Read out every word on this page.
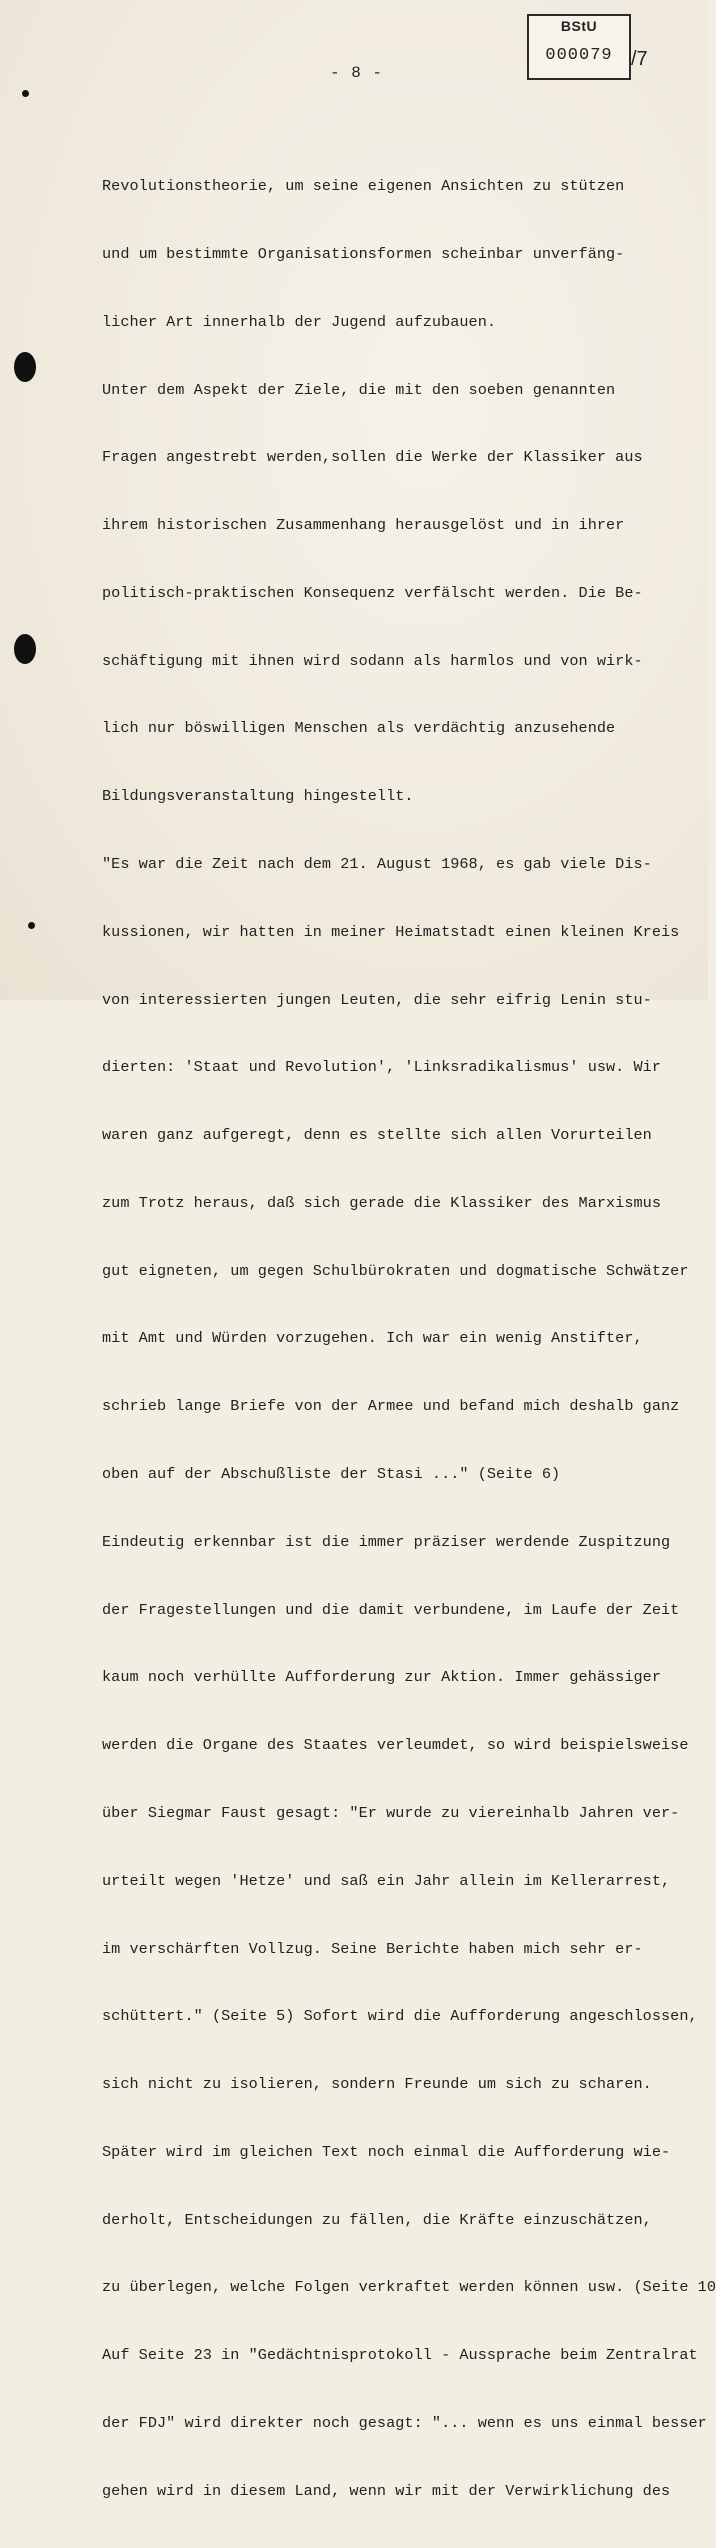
BStU
000079 /7
- 8 -

Revolutionstheorie, um seine eigenen Ansichten zu stützen

und um bestimmte Organisationsformen scheinbar unverfäng-

licher Art innerhalb der Jugend aufzubauen.

Unter dem Aspekt der Ziele, die mit den soeben genannten

Fragen angestrebt werden,sollen die Werke der Klassiker aus

ihrem historischen Zusammenhang herausgelöst und in ihrer

politisch-praktischen Konsequenz verfälscht werden. Die Be-

schäftigung mit ihnen wird sodann als harmlos und von wirk-

lich nur böswilligen Menschen als verdächtig anzusehende

Bildungsveranstaltung hingestellt.

"Es war die Zeit nach dem 21. August 1968, es gab viele Dis-

kussionen, wir hatten in meiner Heimatstadt einen kleinen Kreis

von interessierten jungen Leuten, die sehr eifrig Lenin stu-

dierten: 'Staat und Revolution', 'Linksradikalismus' usw. Wir

waren ganz aufgeregt, denn es stellte sich allen Vorurteilen

zum Trotz heraus, daß sich gerade die Klassiker des Marxismus

gut eigneten, um gegen Schulbürokraten und dogmatische Schwätzer

mit Amt und Würden vorzugehen. Ich war ein wenig Anstifter,

schrieb lange Briefe von der Armee und befand mich deshalb ganz

oben auf der Abschußliste der Stasi ..." (Seite 6)

Eindeutig erkennbar ist die immer präziser werdende Zuspitzung

der Fragestellungen und die damit verbundene, im Laufe der Zeit

kaum noch verhüllte Aufforderung zur Aktion. Immer gehässiger

werden die Organe des Staates verleumdet, so wird beispielsweise

über Siegmar Faust gesagt: "Er wurde zu viereinhalb Jahren ver-

urteilt wegen 'Hetze' und saß ein Jahr allein im Kellerarrest,

im verschärften Vollzug. Seine Berichte haben mich sehr er-

schüttert." (Seite 5) Sofort wird die Aufforderung angeschlossen,

sich nicht zu isolieren, sondern Freunde um sich zu scharen.

Später wird im gleichen Text noch einmal die Aufforderung wie-

derholt, Entscheidungen zu fällen, die Kräfte einzuschätzen,

zu überlegen, welche Folgen verkraftet werden können usw. (Seite 10

Auf Seite 23 in "Gedächtnisprotokoll - Aussprache beim Zentralrat

der FDJ" wird direkter noch gesagt: "... wenn es uns einmal besser

gehen wird in diesem Land, wenn wir mit der Verwirklichung des
